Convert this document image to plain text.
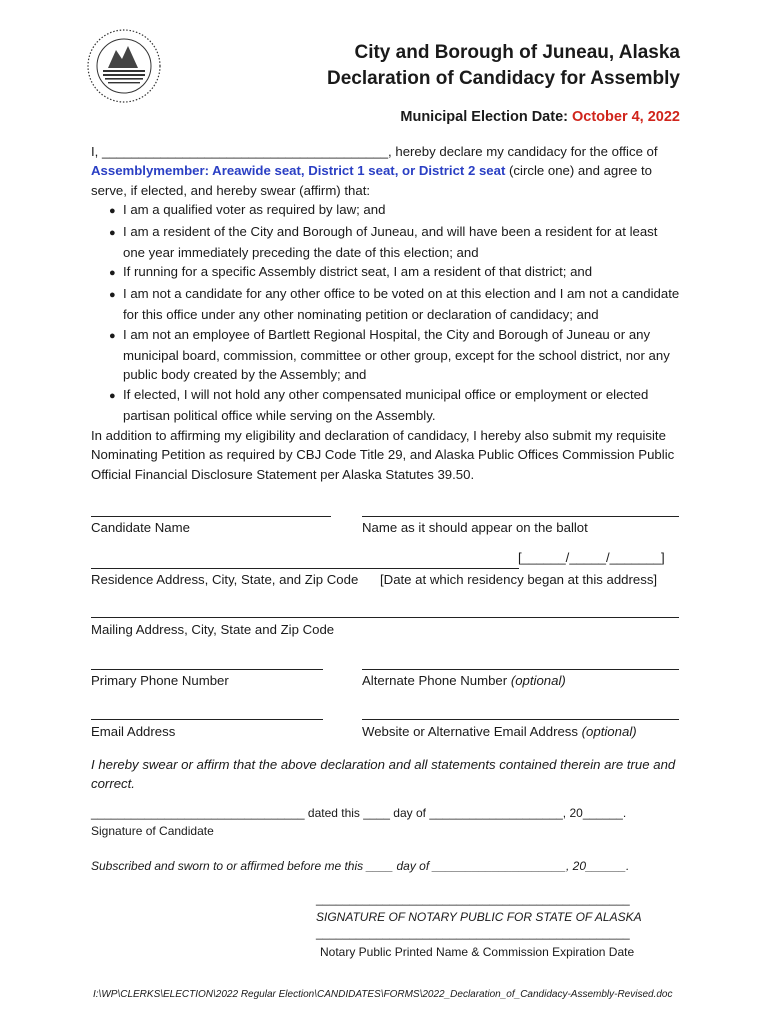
City and Borough of Juneau, Alaska
Declaration of Candidacy for Assembly
Municipal Election Date: October 4, 2022
I, _______________________________________, hereby declare my candidacy for the office of
Assemblymember: Areawide seat, District 1 seat, or District 2 seat (circle one) and agree to serve, if elected, and hereby swear (affirm) that:
● I am a qualified voter as required by law; and
● I am a resident of the City and Borough of Juneau, and will have been a resident for at least one year immediately preceding the date of this election; and
● If running for a specific Assembly district seat, I am a resident of that district; and
● I am not a candidate for any other office to be voted on at this election and I am not a candidate for this office under any other nominating petition or declaration of candidacy; and
● I am not an employee of Bartlett Regional Hospital, the City and Borough of Juneau or any municipal board, commission, committee or other group, except for the school district, nor any public body created by the Assembly; and
● If elected, I will not hold any other compensated municipal office or employment or elected partisan political office while serving on the Assembly.
In addition to affirming my eligibility and declaration of candidacy, I hereby also submit my requisite Nominating Petition as required by CBJ Code Title 29, and Alaska Public Offices Commission Public Official Financial Disclosure Statement per Alaska Statutes 39.50.
Candidate Name	Name as it should appear on the ballot
[______/_____/_______]
Residence Address, City, State, and Zip Code [Date at which residency began at this address]
Mailing Address, City, State and Zip Code
Primary Phone Number	Alternate Phone Number (optional)
Email Address	Website or Alternative Email Address (optional)
I hereby swear or affirm that the above declaration and all statements contained therein are true and correct.
________________________________ dated this ____ day of ____________________, 20______.
Signature of Candidate
Subscribed and sworn to or affirmed before me this ____ day of ____________________, 20______.
_______________________________________________
SIGNATURE OF NOTARY PUBLIC FOR STATE OF ALASKA
_______________________________________________
Notary Public Printed Name & Commission Expiration Date
I:\WP\CLERKS\ELECTION\2022 Regular Election\CANDIDATES\FORMS\2022_Declaration_of_Candidacy-Assembly-Revised.doc
